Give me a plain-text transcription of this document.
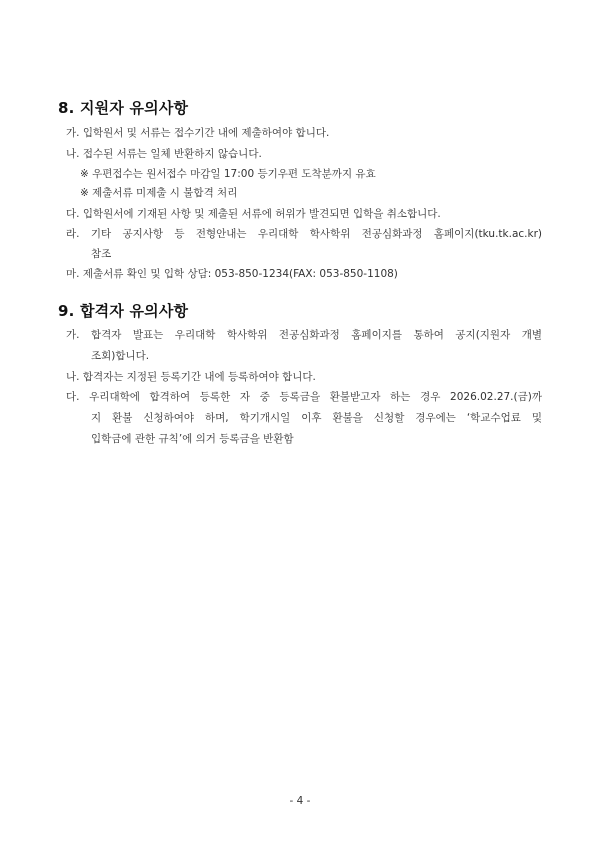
8. 지원자 유의사항
가. 입학원서 및 서류는 접수기간 내에 제출하여야 합니다.
나. 접수된 서류는 일체 반환하지 않습니다.
※ 우편접수는 원서접수 마감일 17:00 등기우편 도착분까지 유효
※ 제출서류 미제출 시 불합격 처리
다. 입학원서에 기재된 사항 및 제출된 서류에 허위가 발견되면 입학을 취소합니다.
라. 기타 공지사항 등 전형안내는 우리대학 학사학위 전공심화과정 홈페이지(tku.tk.ac.kr)
참조
마. 제출서류 확인 및 입학 상담: 053-850-1234(FAX: 053-850-1108)
9. 합격자 유의사항
가. 합격자 발표는 우리대학 학사학위 전공심화과정 홈페이지를 통하여 공지(지원자 개별
조회)합니다.
나. 합격자는 지정된 등록기간 내에 등록하여야 합니다.
다. 우리대학에 합격하여 등록한 자 중 등록금을 환불받고자 하는 경우 2026.02.27.(금)까
지 환불 신청하여야 하며, 학기개시일 이후 환불을 신청할 경우에는 ‘학교수업료 및
입학금에 관한 규칙’에 의거 등록금을 반환함
- 4 -
